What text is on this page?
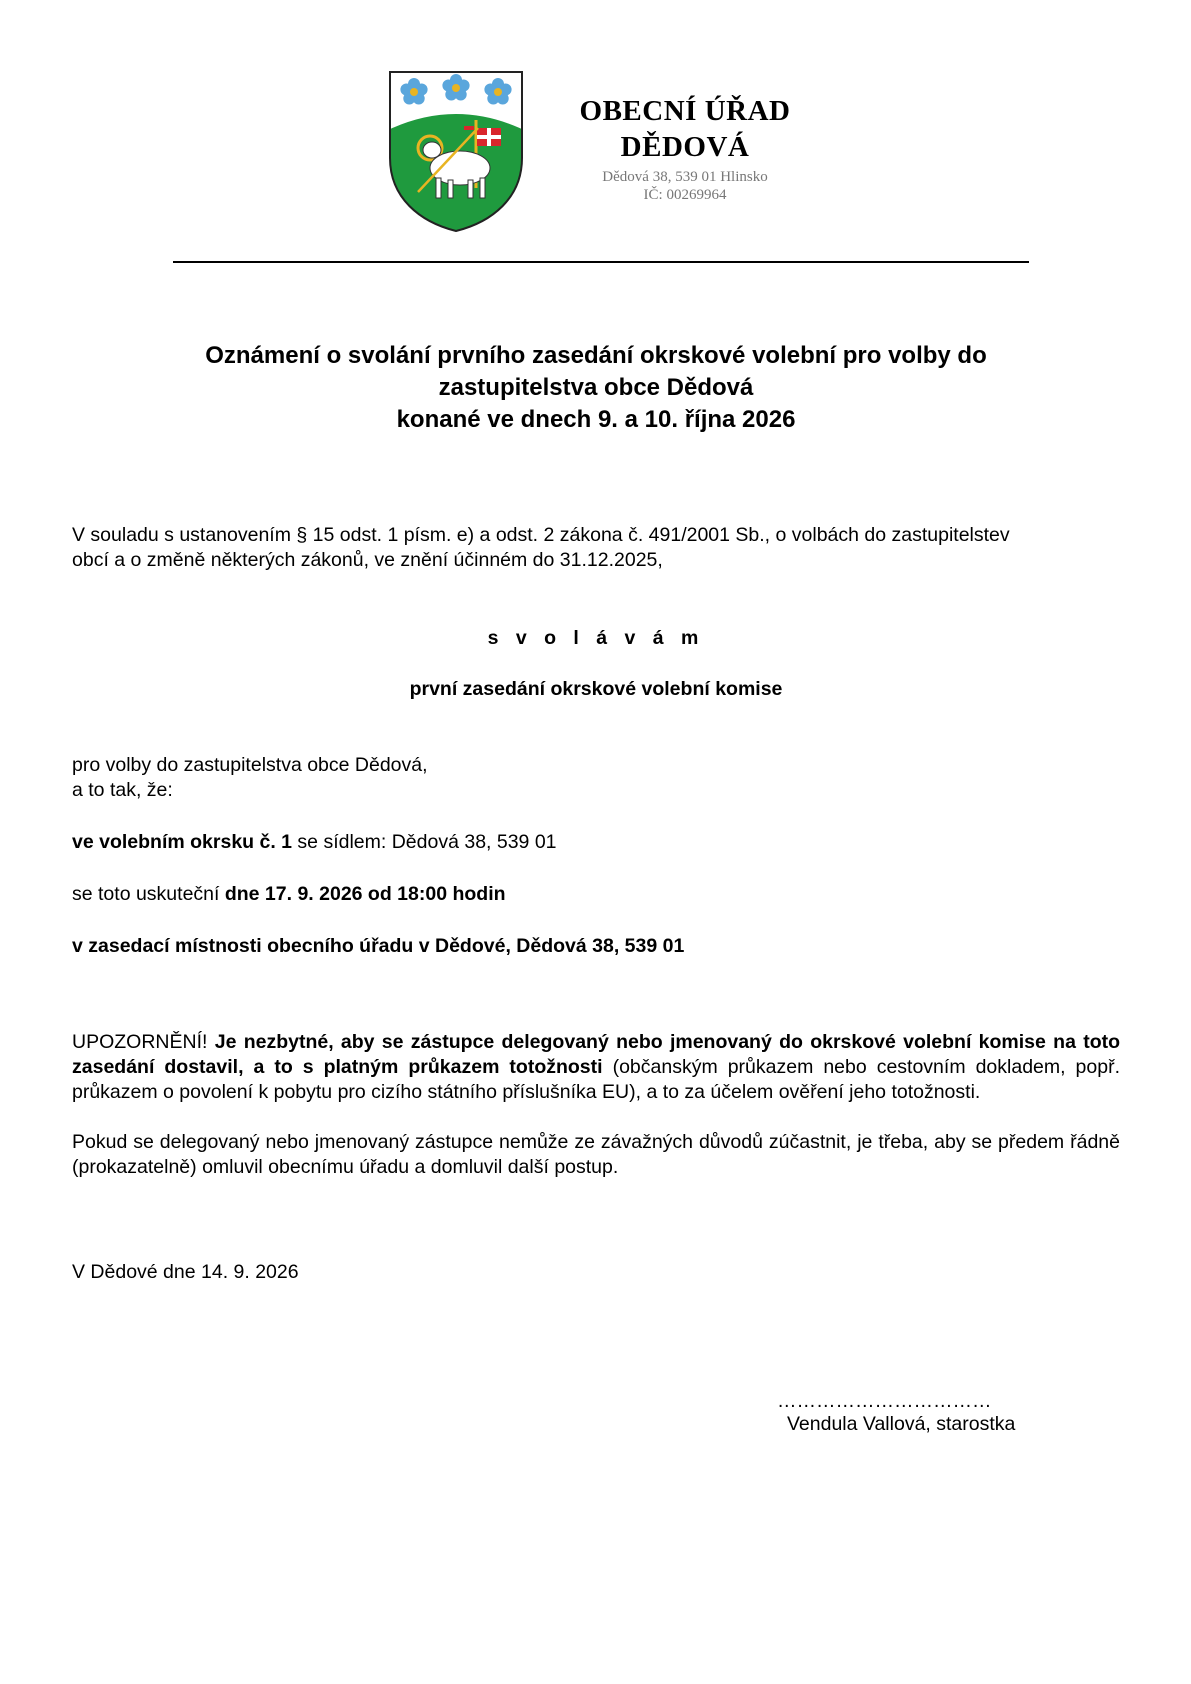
OBECNÍ ÚŘAD
DĚDOVÁ
Dědová 38, 539 01 Hlinsko
IČ: 00269964
Oznámení o svolání prvního zasedání okrskové volební pro volby do
zastupitelstva obce Dědová
konané ve dnech 9. a 10. října 2026
V souladu s ustanovením § 15 odst. 1 písm. e) a odst. 2 zákona č. 491/2001 Sb., o volbách do zastupitelstev
obcí a o změně některých zákonů, ve znění účinném do 31.12.2025,
s v o l á v á m
první zasedání okrskové volební komise
pro volby do zastupitelstva obce Dědová,
a to tak, že:
ve volebním okrsku č. 1 se sídlem: Dědová 38, 539 01
se toto uskuteční dne 17. 9. 2026 od 18:00 hodin
v zasedací místnosti obecního úřadu v Dědové, Dědová 38, 539 01
UPOZORNĚNÍ! Je nezbytné, aby se zástupce delegovaný nebo jmenovaný do okrskové volební komise na toto zasedání dostavil, a to s platným průkazem totožnosti (občanským průkazem nebo cestovním dokladem, popř. průkazem o povolení k pobytu pro cizího státního příslušníka EU), a to za účelem ověření jeho totožnosti.
Pokud se delegovaný nebo jmenovaný zástupce nemůže ze závažných důvodů zúčastnit, je třeba, aby se předem řádně (prokazatelně) omluvil obecnímu úřadu a domluvil další postup.
V Dědové dne 14. 9. 2026
……………………………
Vendula Vallová, starostka
